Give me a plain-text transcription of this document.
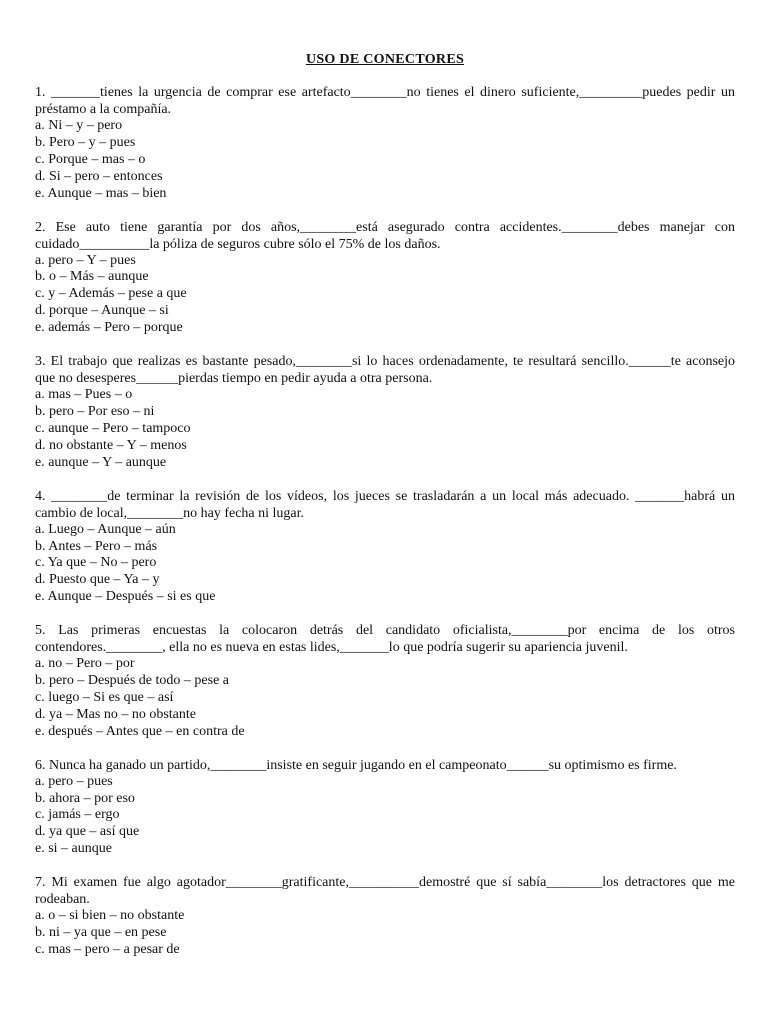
USO DE CONECTORES

1. _______tienes la urgencia de comprar ese artefacto________no tienes el dinero suficiente,_________puedes pedir un préstamo a la compañía.

a. Ni – y – pero
b. Pero – y – pues
c. Porque – mas – o
d. Si – pero – entonces
e. Aunque – mas – bien

2. Ese auto tiene garantía por dos años,________está asegurado contra accidentes.________debes manejar con cuidado__________la póliza de seguros cubre sólo el 75% de los daños.

a. pero – Y – pues
b. o – Más – aunque
c. y – Además – pese a que
d. porque – Aunque – si
e. además – Pero – porque

3. El trabajo que realizas es bastante pesado,________si lo haces ordenadamente, te resultará sencillo.______te aconsejo que no desesperes______pierdas tiempo en pedir ayuda a otra persona.

a. mas – Pues – o
b. pero – Por eso – ni
c. aunque – Pero – tampoco
d. no obstante – Y – menos
e. aunque – Y – aunque

4. ________de terminar la revisión de los vídeos, los jueces se trasladarán a un local más adecuado. _______habrá un cambio de local,________no hay fecha ni lugar.

a. Luego – Aunque – aún
b. Antes – Pero – más
c. Ya que – No – pero
d. Puesto que – Ya – y
e. Aunque – Después – si es que

5. Las primeras encuestas la colocaron detrás del candidato oficialista,________por encima de los otros contendores.________, ella no es nueva en estas lides,_______lo que podría sugerir su apariencia juvenil.

a. no – Pero – por
b. pero – Después de todo – pese a
c. luego – Si es que – así
d. ya – Mas no – no obstante
e. después – Antes que – en contra de

6. Nunca ha ganado un partido,________insiste en seguir jugando en el campeonato______su optimismo es firme.

a. pero – pues
b. ahora – por eso
c. jamás – ergo
d. ya que – así que
e. si – aunque

7. Mi examen fue algo agotador________gratificante,__________demostré que sí sabía________los detractores que me rodeaban.

a. o – si bien – no obstante
b. ni – ya que – en pese
c. mas – pero – a pesar de
